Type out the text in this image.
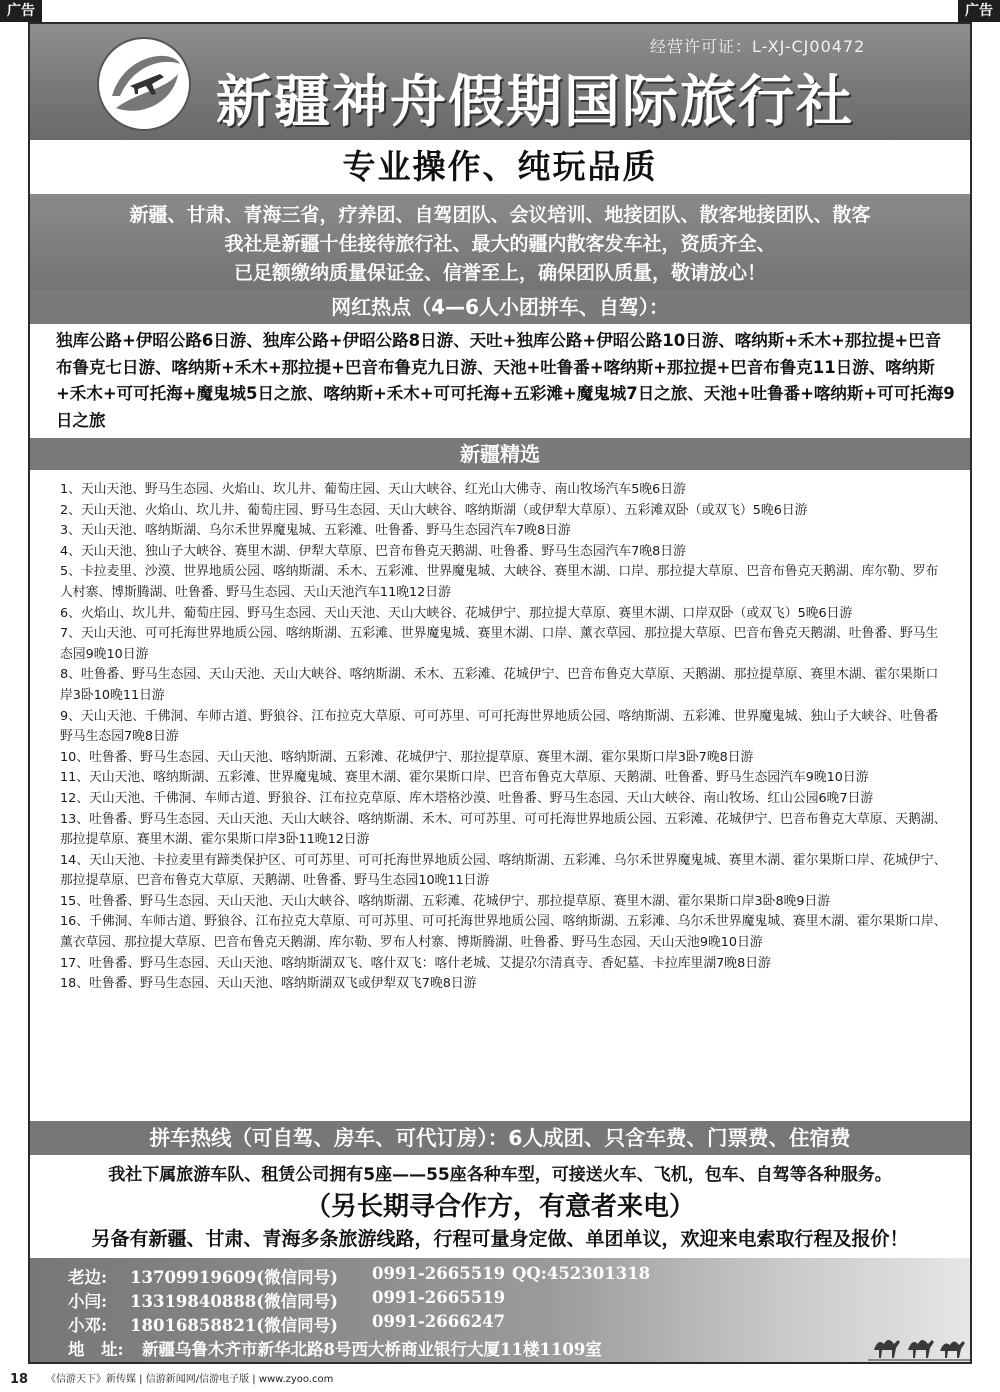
广告	广告
经营许可证：L-XJ-CJ00472
新疆神舟假期国际旅行社
专业操作、纯玩品质
新疆、甘肃、青海三省，疗养团、自驾团队、会议培训、地接团队、散客地接团队、散客
我社是新疆十佳接待旅行社、最大的疆内散客发车社，资质齐全、
已足额缴纳质量保证金、信誉至上，确保团队质量，敬请放心！
网红热点（4—6人小团拼车、自驾）：
独库公路+伊昭公路6日游、独库公路+伊昭公路8日游、天吐+独库公路+伊昭公路10日游、喀纳斯+禾木+那拉提+巴音布鲁克七日游、喀纳斯+禾木+那拉提+巴音布鲁克九日游、天池+吐鲁番+喀纳斯+那拉提+巴音布鲁克11日游、喀纳斯+禾木+可可托海+魔鬼城5日之旅、喀纳斯+禾木+可可托海+五彩滩+魔鬼城7日之旅、天池+吐鲁番+喀纳斯+可可托海9日之旅
新疆精选
1、天山天池、野马生态园、火焰山、坎儿井、葡萄庄园、天山大峡谷、红光山大佛寺、南山牧场汽车5晚6日游
2、天山天池、火焰山、坎儿井、葡萄庄园、野马生态园、天山大峡谷、喀纳斯湖（或伊犁大草原）、五彩滩双卧（或双飞）5晚6日游
3、天山天池、喀纳斯湖、乌尔禾世界魔鬼城、五彩滩、吐鲁番、野马生态园汽车7晚8日游
4、天山天池、独山子大峡谷、赛里木湖、伊犁大草原、巴音布鲁克天鹅湖、吐鲁番、野马生态园汽车7晚8日游
5、卡拉麦里、沙漠、世界地质公园、喀纳斯湖、禾木、五彩滩、世界魔鬼城、大峡谷、赛里木湖、口岸、那拉提大草原、巴音布鲁克天鹅湖、库尔勒、罗布人村寨、博斯腾湖、吐鲁番、野马生态园、天山天池汽车11晚12日游
6、火焰山、坎儿井、葡萄庄园、野马生态园、天山天池、天山大峡谷、花城伊宁、那拉提大草原、赛里木湖、口岸双卧（或双飞）5晚6日游
7、天山天池、可可托海世界地质公园、喀纳斯湖、五彩滩、世界魔鬼城、赛里木湖、口岸、薰衣草园、那拉提大草原、巴音布鲁克天鹅湖、吐鲁番、野马生态园9晚10日游
8、吐鲁番、野马生态园、天山天池、天山大峡谷、喀纳斯湖、禾木、五彩滩、花城伊宁、巴音布鲁克大草原、天鹅湖、那拉提草原、赛里木湖、霍尔果斯口岸3卧10晚11日游
9、天山天池、千佛洞、车师古道、野狼谷、江布拉克大草原、可可苏里、可可托海世界地质公园、喀纳斯湖、五彩滩、世界魔鬼城、独山子大峡谷、吐鲁番野马生态园7晚8日游
10、吐鲁番、野马生态园、天山天池、喀纳斯湖、五彩滩、花城伊宁、那拉提草原、赛里木湖、霍尔果斯口岸3卧7晚8日游
11、天山天池、喀纳斯湖、五彩滩、世界魔鬼城、赛里木湖、霍尔果斯口岸、巴音布鲁克大草原、天鹅湖、吐鲁番、野马生态园汽车9晚10日游
12、天山天池、千佛洞、车师古道、野狼谷、江布拉克草原、库木塔格沙漠、吐鲁番、野马生态园、天山大峡谷、南山牧场、红山公园6晚7日游
13、吐鲁番、野马生态园、天山天池、天山大峡谷、喀纳斯湖、禾木、可可苏里、可可托海世界地质公园、五彩滩、花城伊宁、巴音布鲁克大草原、天鹅湖、那拉提草原、赛里木湖、霍尔果斯口岸3卧11晚12日游
14、天山天池、卡拉麦里有蹄类保护区、可可苏里、可可托海世界地质公园、喀纳斯湖、五彩滩、乌尔禾世界魔鬼城、赛里木湖、霍尔果斯口岸、花城伊宁、那拉提草原、巴音布鲁克大草原、天鹅湖、吐鲁番、野马生态园10晚11日游
15、吐鲁番、野马生态园、天山天池、天山大峡谷、喀纳斯湖、五彩滩、花城伊宁、那拉提草原、赛里木湖、霍尔果斯口岸3卧8晚9日游
16、千佛洞、车师古道、野狼谷、江布拉克大草原、可可苏里、可可托海世界地质公园、喀纳斯湖、五彩滩、乌尔禾世界魔鬼城、赛里木湖、霍尔果斯口岸、薰衣草园、那拉提大草原、巴音布鲁克天鹅湖、库尔勒、罗布人村寨、博斯腾湖、吐鲁番、野马生态园、天山天池9晚10日游
17、吐鲁番、野马生态园、天山天池、喀纳斯湖双飞、喀什双飞：喀什老城、艾提尕尔清真寺、香妃墓、卡拉库里湖7晚8日游
18、吐鲁番、野马生态园、天山天池、喀纳斯湖双飞或伊犁双飞7晚8日游
拼车热线（可自驾、房车、可代订房）：6人成团、只含车费、门票费、住宿费
我社下属旅游车队、租赁公司拥有5座——55座各种车型，可接送火车、飞机，包车、自驾等各种服务。
（另长期寻合作方，有意者来电）
另备有新疆、甘肃、青海多条旅游线路，行程可量身定做、单团单议，欢迎来电索取行程及报价！
老边: 13709919609(微信同号) 0991-2665519 QQ:452301318
小闫: 13319840888(微信同号) 0991-2665519
小邓: 18016858821(微信同号) 0991-2666247
地　址: 新疆乌鲁木齐市新华北路8号西大桥商业银行大厦11楼1109室
18 《信游天下》新传媒 | 信游新闻网/信游电子版 | www.zyoo.com
